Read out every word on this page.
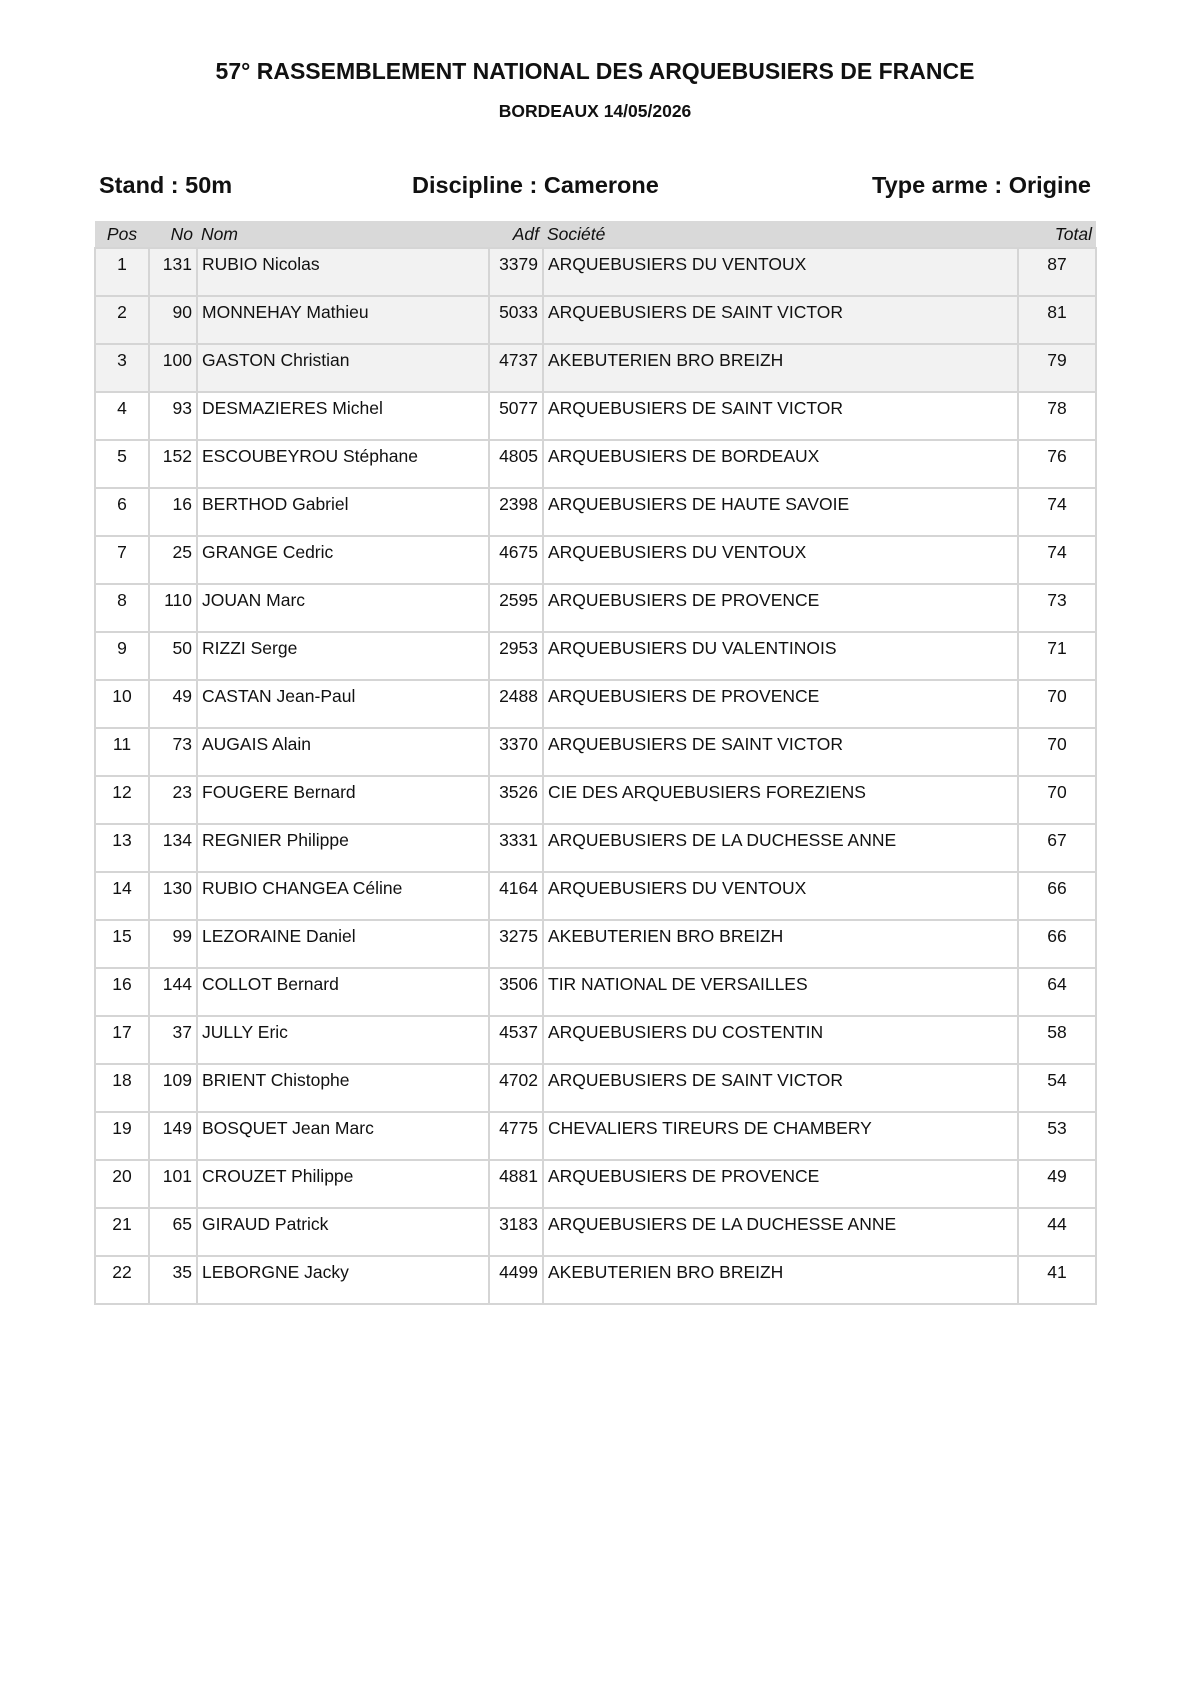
57° RASSEMBLEMENT NATIONAL DES ARQUEBUSIERS DE FRANCE
BORDEAUX 14/05/2026
Stand : 50m	Discipline : Camerone	Type arme : Origine
Pos	No	Nom	Adf	Société	Total
1	131	RUBIO Nicolas	3379	ARQUEBUSIERS DU VENTOUX	87
2	90	MONNEHAY Mathieu	5033	ARQUEBUSIERS DE SAINT VICTOR	81
3	100	GASTON Christian	4737	AKEBUTERIEN BRO BREIZH	79
4	93	DESMAZIERES Michel	5077	ARQUEBUSIERS DE SAINT VICTOR	78
5	152	ESCOUBEYROU Stéphane	4805	ARQUEBUSIERS DE BORDEAUX	76
6	16	BERTHOD Gabriel	2398	ARQUEBUSIERS DE HAUTE SAVOIE	74
7	25	GRANGE Cedric	4675	ARQUEBUSIERS DU VENTOUX	74
8	110	JOUAN Marc	2595	ARQUEBUSIERS DE PROVENCE	73
9	50	RIZZI Serge	2953	ARQUEBUSIERS DU VALENTINOIS	71
10	49	CASTAN Jean-Paul	2488	ARQUEBUSIERS DE PROVENCE	70
11	73	AUGAIS Alain	3370	ARQUEBUSIERS DE SAINT VICTOR	70
12	23	FOUGERE Bernard	3526	CIE DES ARQUEBUSIERS FOREZIENS	70
13	134	REGNIER Philippe	3331	ARQUEBUSIERS DE LA DUCHESSE ANNE	67
14	130	RUBIO CHANGEA Céline	4164	ARQUEBUSIERS DU VENTOUX	66
15	99	LEZORAINE Daniel	3275	AKEBUTERIEN BRO BREIZH	66
16	144	COLLOT Bernard	3506	TIR NATIONAL DE VERSAILLES	64
17	37	JULLY Eric	4537	ARQUEBUSIERS DU COSTENTIN	58
18	109	BRIENT Chistophe	4702	ARQUEBUSIERS DE SAINT VICTOR	54
19	149	BOSQUET Jean Marc	4775	CHEVALIERS TIREURS DE CHAMBERY	53
20	101	CROUZET Philippe	4881	ARQUEBUSIERS DE PROVENCE	49
21	65	GIRAUD Patrick	3183	ARQUEBUSIERS DE LA DUCHESSE ANNE	44
22	35	LEBORGNE Jacky	4499	AKEBUTERIEN BRO BREIZH	41
